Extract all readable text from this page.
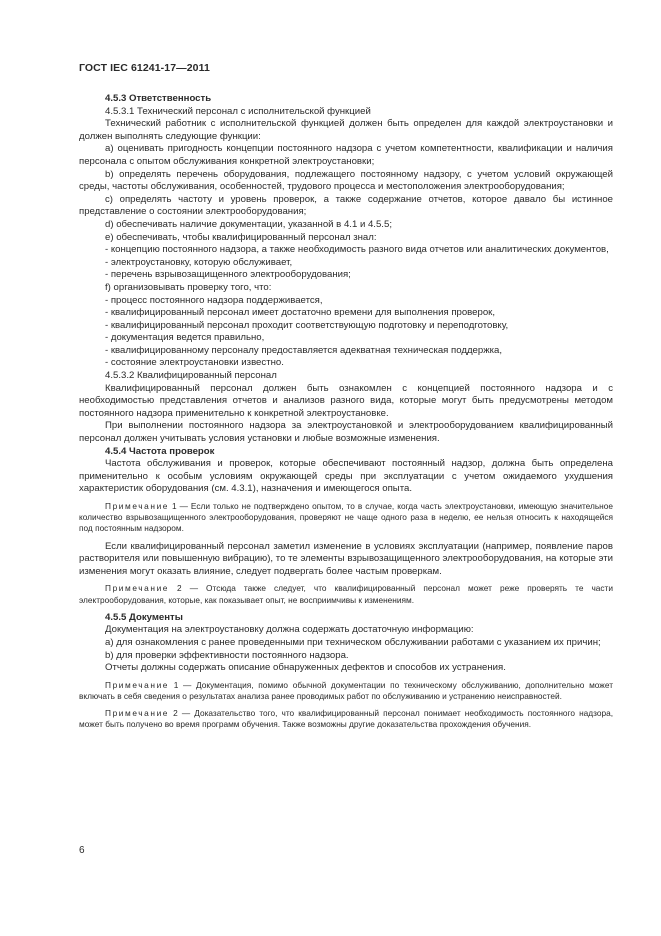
ГОСТ IEC 61241-17—2011

4.5.3 Ответственность

4.5.3.1 Технический персонал с исполнительской функцией

Технический работник с исполнительской функцией должен быть определен для каждой электроустановки и должен выполнять следующие функции:

a) оценивать пригодность концепции постоянного надзора с учетом компетентности, квалификации и наличия персонала с опытом обслуживания конкретной электроустановки;

b) определять перечень оборудования, подлежащего постоянному надзору, с учетом условий окружающей среды, частоты обслуживания, особенностей, трудового процесса и местоположения электрооборудования;

c) определять частоту и уровень проверок, а также содержание отчетов, которое давало бы истинное представление о состоянии электрооборудования;

d) обеспечивать наличие документации, указанной в 4.1 и 4.5.5;

e) обеспечивать, чтобы квалифицированный персонал знал:

- концепцию постоянного надзора, а также необходимость разного вида отчетов или аналитических документов,

- электроустановку, которую обслуживает,

- перечень взрывозащищенного электрооборудования;

f) организовывать проверку того, что:

- процесс постоянного надзора поддерживается,

- квалифицированный персонал имеет достаточно времени для выполнения проверок,

- квалифицированный персонал проходит соответствующую подготовку и переподготовку,

- документация ведется правильно,

- квалифицированному персоналу предоставляется адекватная техническая поддержка,

- состояние электроустановки известно.

4.5.3.2 Квалифицированный персонал

Квалифицированный персонал должен быть ознакомлен с концепцией постоянного надзора и с необходимостью представления отчетов и анализов разного вида, которые могут быть предусмотрены методом постоянного надзора применительно к конкретной электроустановке.

При выполнении постоянного надзора за электроустановкой и электрооборудованием квалифицированный персонал должен учитывать условия установки и любые возможные изменения.

4.5.4 Частота проверок

Частота обслуживания и проверок, которые обеспечивают постоянный надзор, должна быть определена применительно к особым условиям окружающей среды при эксплуатации с учетом ожидаемого ухудшения характеристик оборудования (см. 4.3.1), назначения и имеющегося опыта.

Примечание 1 — Если только не подтверждено опытом, то в случае, когда часть электроустановки, имеющую значительное количество взрывозащищенного электрооборудования, проверяют не чаще одного раза в неделю, ее нельзя относить к находящейся под постоянным надзором.

Если квалифицированный персонал заметил изменение в условиях эксплуатации (например, появление паров растворителя или повышенную вибрацию), то те элементы взрывозащищенного электрооборудования, на которые эти изменения могут оказать влияние, следует подвергать более частым проверкам.

Примечание 2 — Отсюда также следует, что квалифицированный персонал может реже проверять те части электрооборудования, которые, как показывает опыт, не восприимчивы к изменениям.

4.5.5 Документы

Документация на электроустановку должна содержать достаточную информацию:

a) для ознакомления с ранее проведенными при техническом обслуживании работами с указанием их причин;

b) для проверки эффективности постоянного надзора.

Отчеты должны содержать описание обнаруженных дефектов и способов их устранения.

Примечание 1 — Документация, помимо обычной документации по техническому обслуживанию, дополнительно может включать в себя сведения о результатах анализа ранее проводимых работ по обслуживанию и устранению неисправностей.

Примечание 2 — Доказательство того, что квалифицированный персонал понимает необходимость постоянного надзора, может быть получено во время программ обучения. Также возможны другие доказательства прохождения обучения.

6
